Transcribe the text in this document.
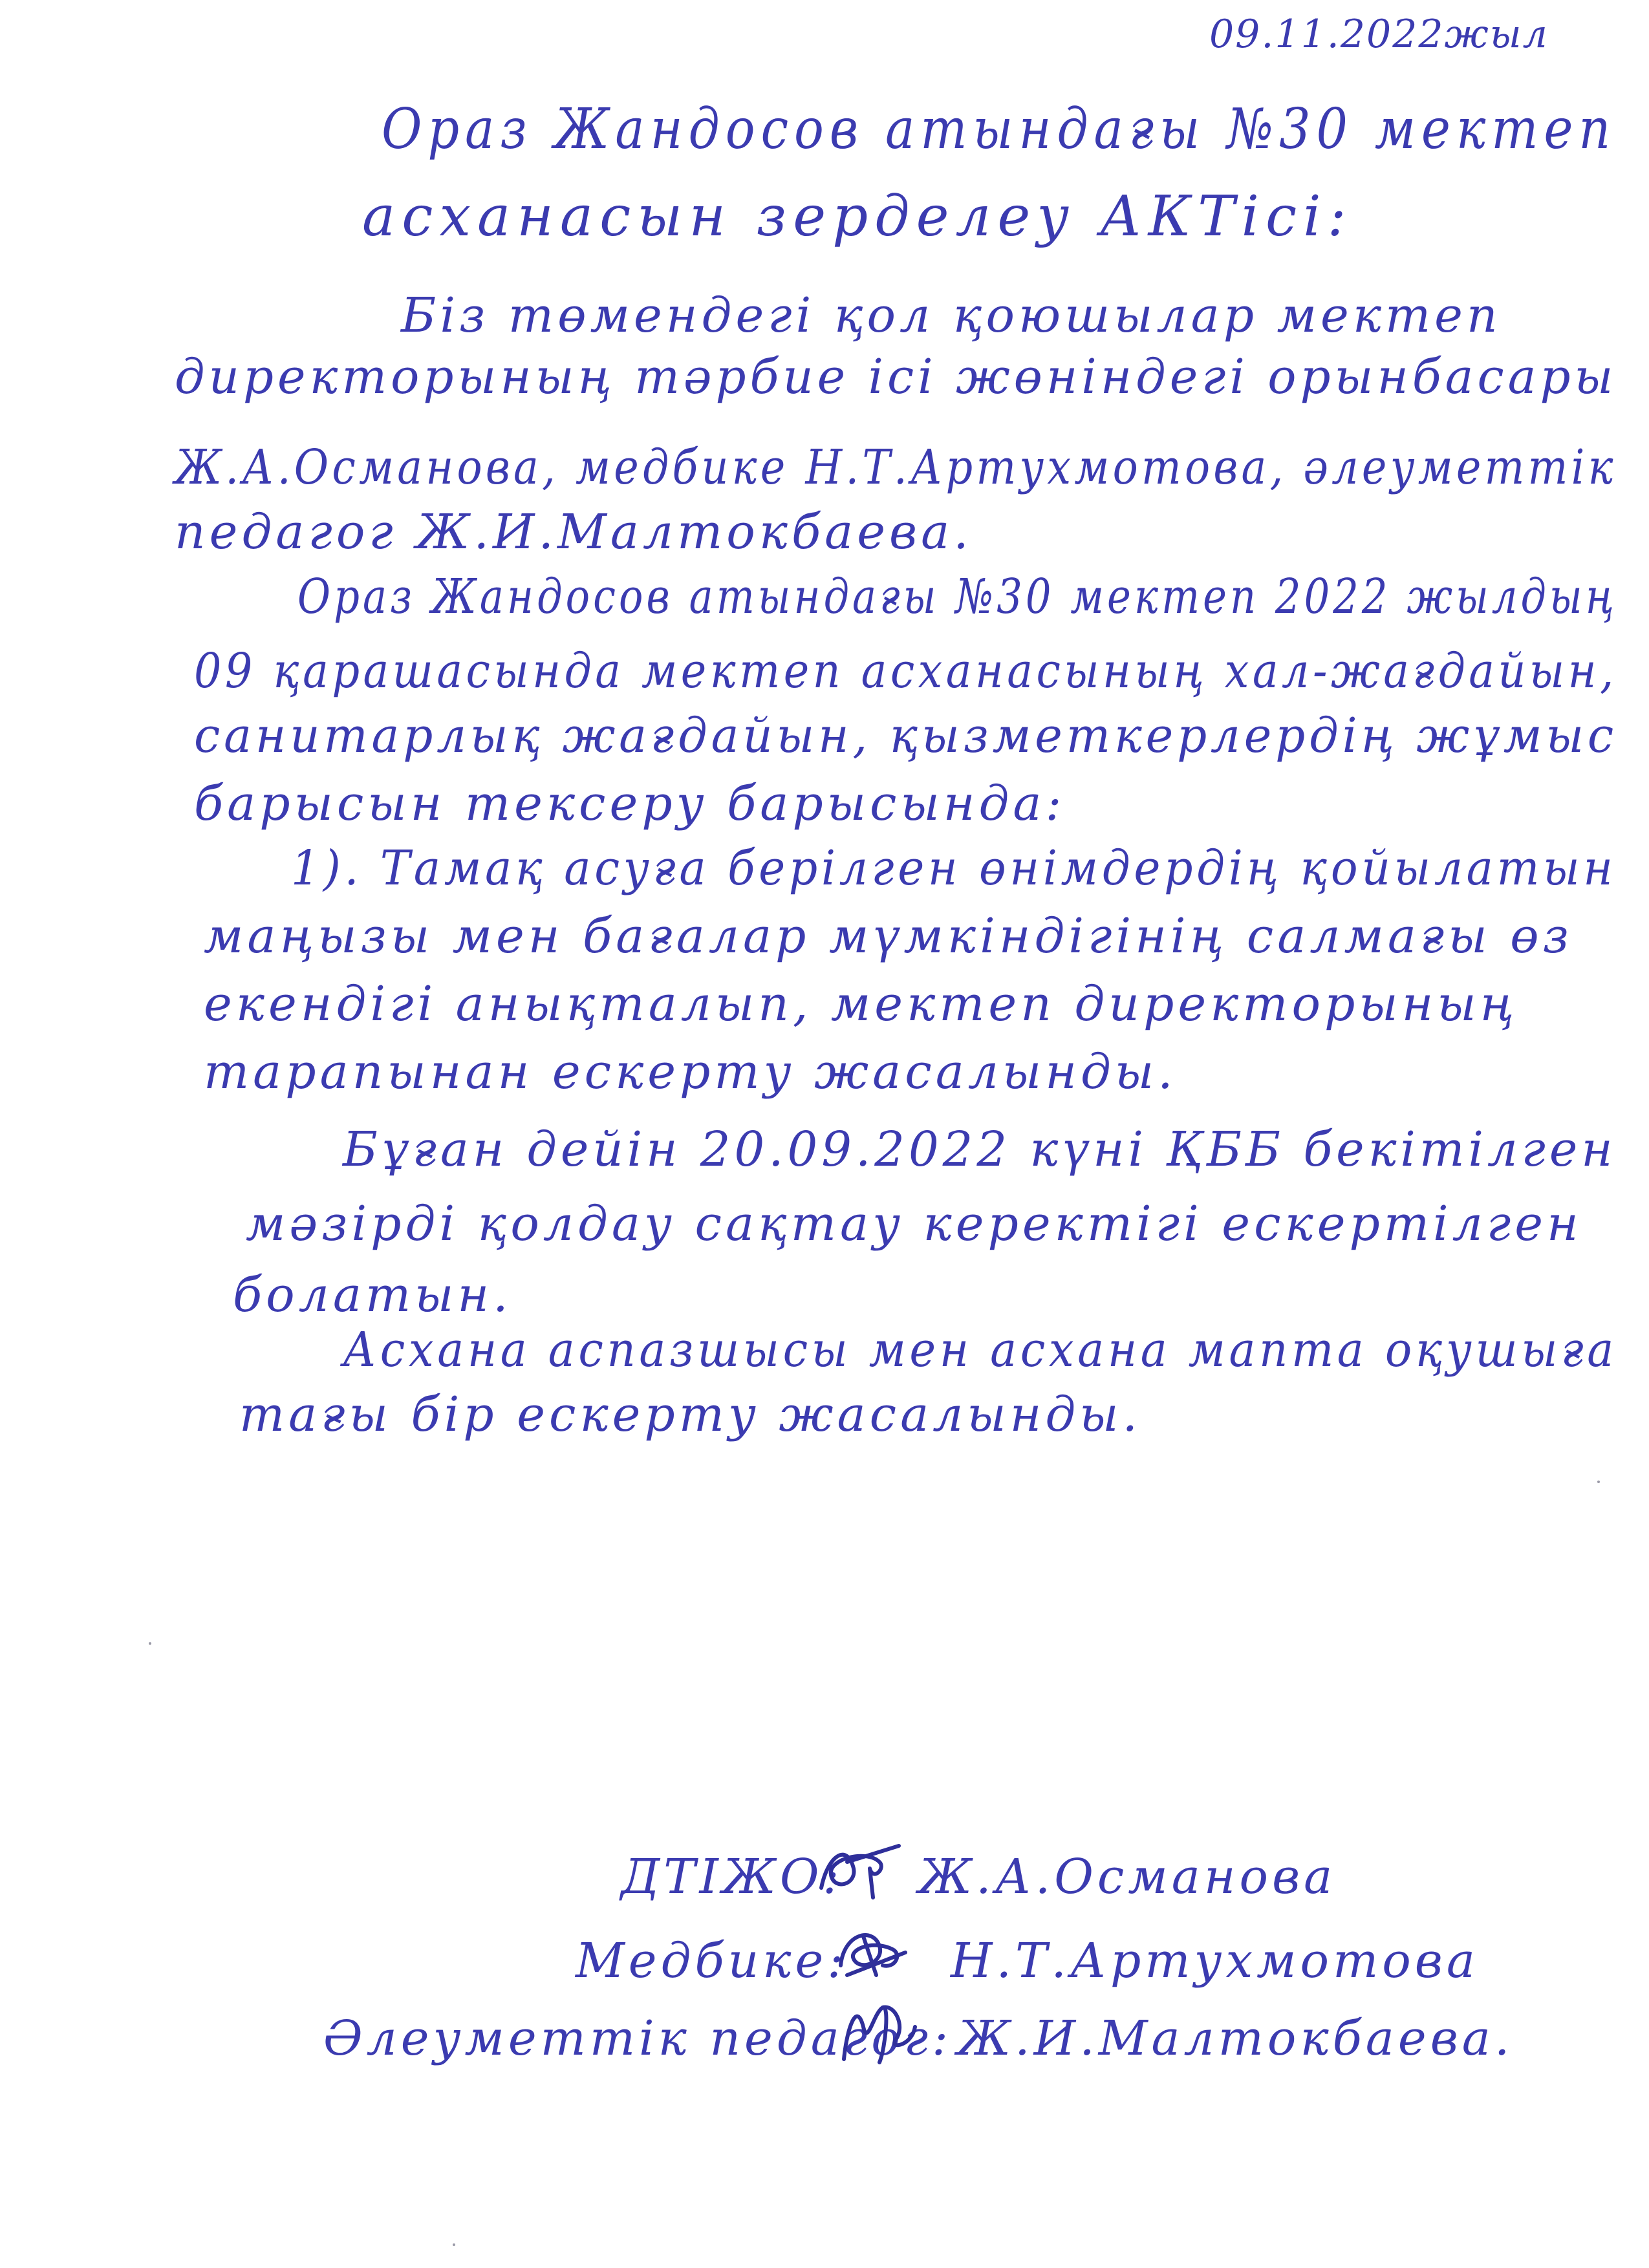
09.11.2022жыл
Ораз Жандосов атындағы №30 мектеп
асханасын зерделеу АКТісі:
Біз төмендегі қол қоюшылар мектеп
директорының тәрбие ісі жөніндегі орынбасары
Ж.А.Османова, медбике Н.Т.Артухмотова, әлеуметтік
педагог Ж.И.Малтокбаева.
Ораз Жандосов атындағы №30 мектеп 2022 жылдың
09 қарашасында мектеп асханасының хал-жағдайын,
санитарлық жағдайын, қызметкерлердің жұмыс
барысын тексеру барысында:
1). Тамақ асуға берілген өнімдердің қойылатын
маңызы мен бағалар мүмкіндігінің салмағы өз
екендігі анықталып, мектеп директорының
тарапынан ескерту жасалынды.
Бұған дейін 20.09.2022 күні ҚББ бекітілген
мәзірді қолдау сақтау керектігі ескертілген
болатын.
Асхана аспазшысы мен асхана мапта оқушыға
тағы бір ескерту жасалынды.
ДТІЖО: Ж.А.Османова
Медбике: Н.Т.Артухмотова
Әлеуметтік педагог: Ж.И.Малтокбаева.
